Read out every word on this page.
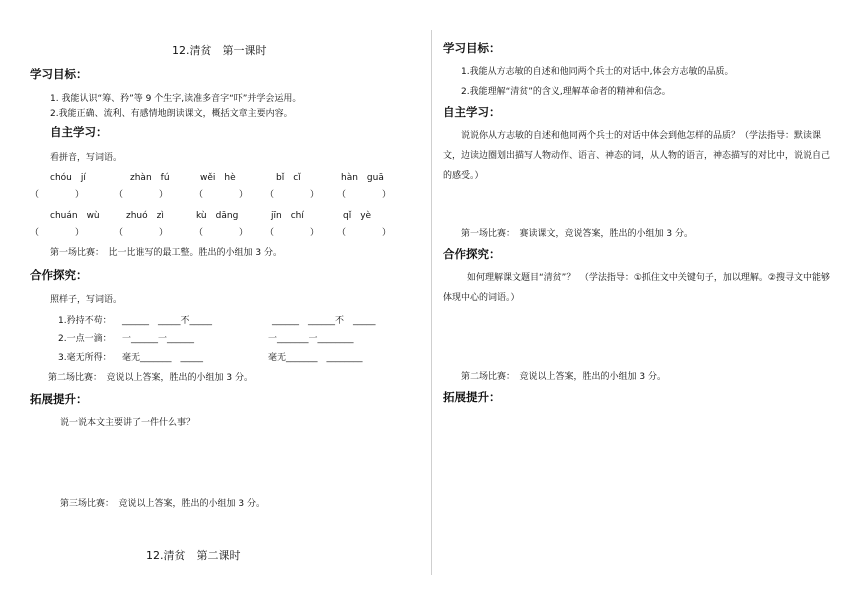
12.清贫　第一课时
学习目标：
1. 我能认识“筹、矜”等 9 个生字,读准多音字“吓”并学会运用。
2.我能正确、流利、有感情地朗读课文，概括文章主要内容。
自主学习：
看拼音，写词语。
chóu　jí	zhàn　fú	wěi　hè	bǐ　cǐ	hàn　guā
（　　　　）	（　　　　）	（　　　　） （　　　　） （　　　　）
chuán　wù	zhuó　zì	kù　dāng	jīn　chí	qǐ　yè
（　　　　）	（　　　　）	（　　　　） （　　　　） （　　　　）
第一场比赛：　比一比谁写的最工整。胜出的小组加 3 分。
合作探究：
照样子，写词语。
1.矜持不苟： ______　_____不_____	______　______不　_____
2.一点一滴： 一______一______	一_______一________
3.毫无所得： 毫无_______　_____	毫无_______　________
第二场比赛：　竞说以上答案，胜出的小组加 3 分。
拓展提升：
说一说本文主要讲了一件什么事？
第三场比赛：　竞说以上答案，胜出的小组加 3 分。
12.清贫　第二课时
学习目标：
1.我能从方志敏的自述和他同两个兵士的对话中,体会方志敏的品质。
2.我能理解“清贫”的含义,理解革命者的精神和信念。
自主学习：
说说你从方志敏的自述和他同两个兵士的对话中体会到他怎样的品质？（学法指导：默读课文，边读边圈划出描写人物动作、语言、神态的词，从人物的语言，神态描写的对比中，说说自己的感受。）
第一场比赛：　赛读课文，竞说答案，胜出的小组加 3 分。
合作探究：
如何理解课文题目“清贫”？　（学法指导：①抓住文中关键句子，加以理解。②搜寻文中能够体现中心的词语。）
第二场比赛：　竞说以上答案，胜出的小组加 3 分。
拓展提升：
